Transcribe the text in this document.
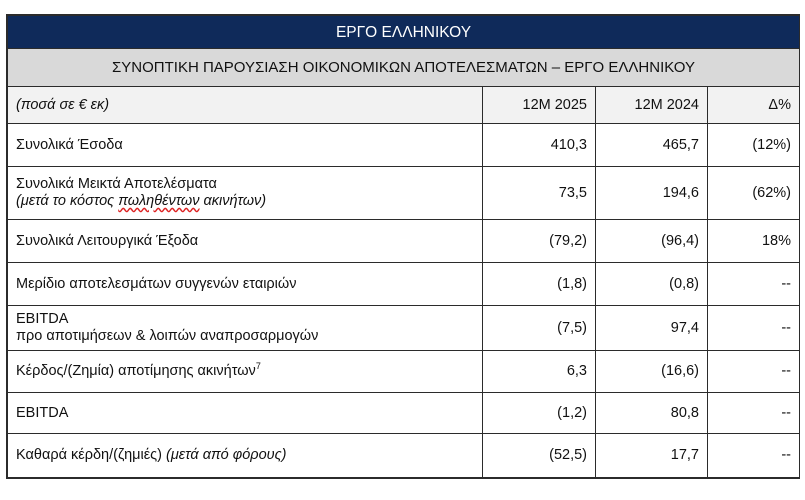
ΕΡΓΟ ΕΛΛΗΝΙΚΟΥ			
ΣΥΝΟΠΤΙΚΗ ΠΑΡΟΥΣΙΑΣΗ ΟΙΚΟΝΟΜΙΚΩΝ ΑΠΟΤΕΛΕΣΜΑΤΩΝ – ΕΡΓΟ ΕΛΛΗΝΙΚΟΥ			
(ποσά σε € εκ)	12M 2025	12M 2024	Δ%
Συνολικά Έσοδα	410,3	465,7	(12%)

Συνολικά Μεικτά Αποτελέσματα
(μετά το κόστος πωληθέντων ακινήτων)	73,5	194,6	(62%)
Συνολικά Λειτουργικά Έξοδα	(79,2)	(96,4)	18%
Μερίδιο αποτελεσμάτων συγγενών εταιριών	(1,8)	(0,8)	--

EBITDA
προ αποτιμήσεων & λοιπών αναπροσαρμογών	(7,5)	97,4	--
Κέρδος/(Ζημία) αποτίμησης ακινήτων$^7$	6,3	(16,6)	--
EBITDA	(1,2)	80,8	--
Καθαρά κέρδη/(ζημιές) (μετά από φόρους)	(52,5)	17,7	--
